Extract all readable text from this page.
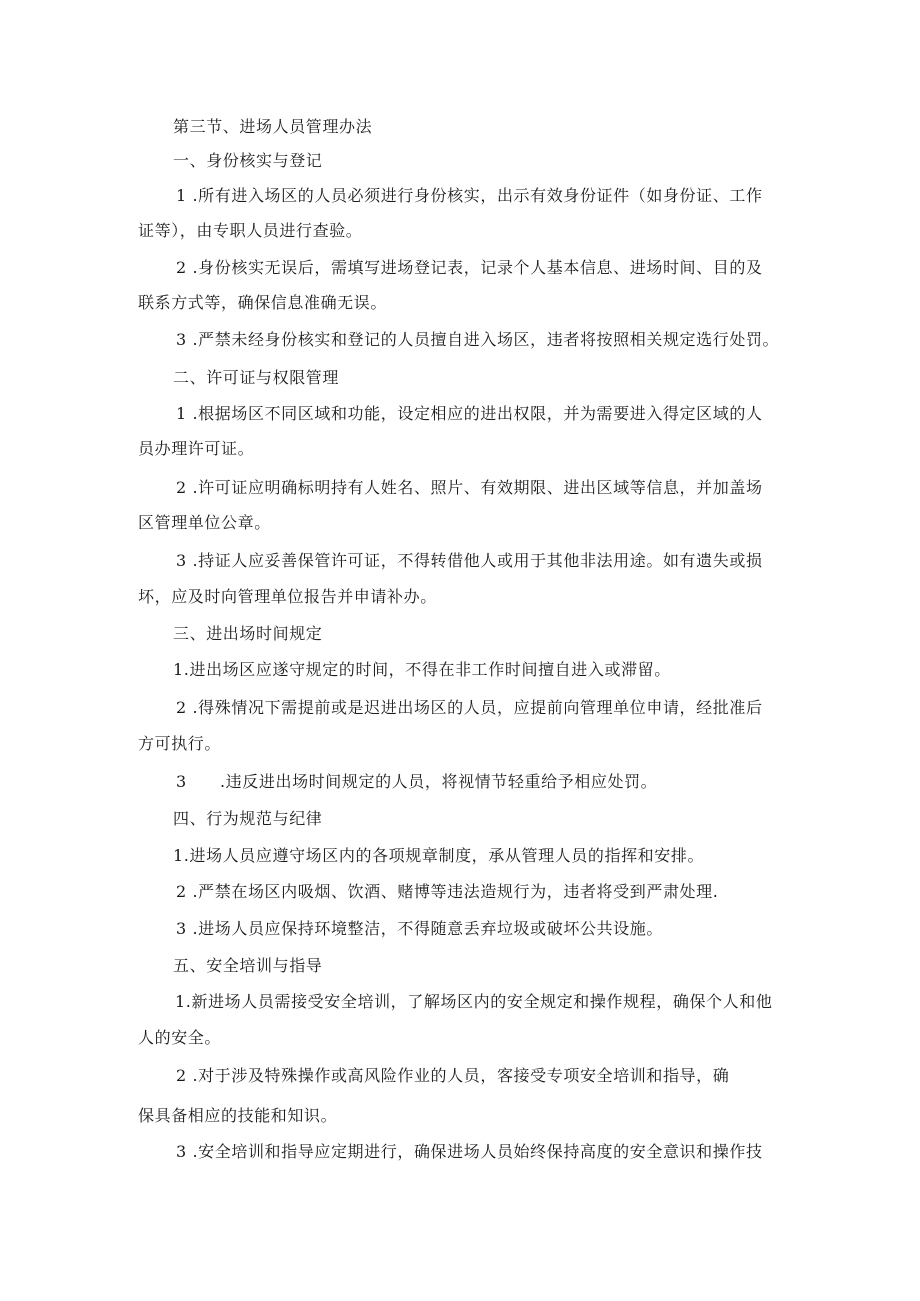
第三节、进场人员管理办法
一、身份核实与登记
1 .所有进入场区的人员必须进行身份核实，出示有效身份证件（如身份证、工作
证等），由专职人员进行查验。
2 .身份核实无误后，需填写进场登记表，记录个人基本信息、进场时间、目的及
联系方式等，确保信息准确无误。
3 .严禁未经身份核实和登记的人员擅自进入场区，违者将按照相关规定选行处罚。
二、许可证与权限管理
1 .根据场区不同区域和功能，设定相应的进出权限，并为需要进入得定区域的人
员办理许可证。
2 .许可证应明确标明持有人姓名、照片、有效期限、进出区域等信息，并加盖场
区管理单位公章。
3 .持证人应妥善保管许可证，不得转借他人或用于其他非法用途。如有遗失或损
坏，应及时向管理单位报告并申请补办。
三、进出场时间规定
1.进出场区应遂守规定的时间，不得在非工作时间擅自进入或滞留。
2 .得殊情况下需提前或是迟进出场区的人员，应提前向管理单位申请，经批准后
方可执行。
3　　.违反进出场时间规定的人员，将视情节轻重给予相应处罚。
四、行为规范与纪律
1.进场人员应遵守场区内的各项规章制度，承从管理人员的指挥和安排。
2 .严禁在场区内吸烟、饮酒、赌博等违法造规行为，违者将受到严肃处理.
3 .进场人员应保持环境整洁，不得随意丢弃垃圾或破坏公共设施。
五、安全培训与指导
1.新进场人员需接受安全培训，了解场区内的安全规定和操作规程，确保个人和他
人的安全。
2 .对于涉及特殊操作或高风险作业的人员，客接受专项安全培训和指导，确
保具备相应的技能和知识。
3 .安全培训和指导应定期进行，确保进场人员始终保持高度的安全意识和操作技
